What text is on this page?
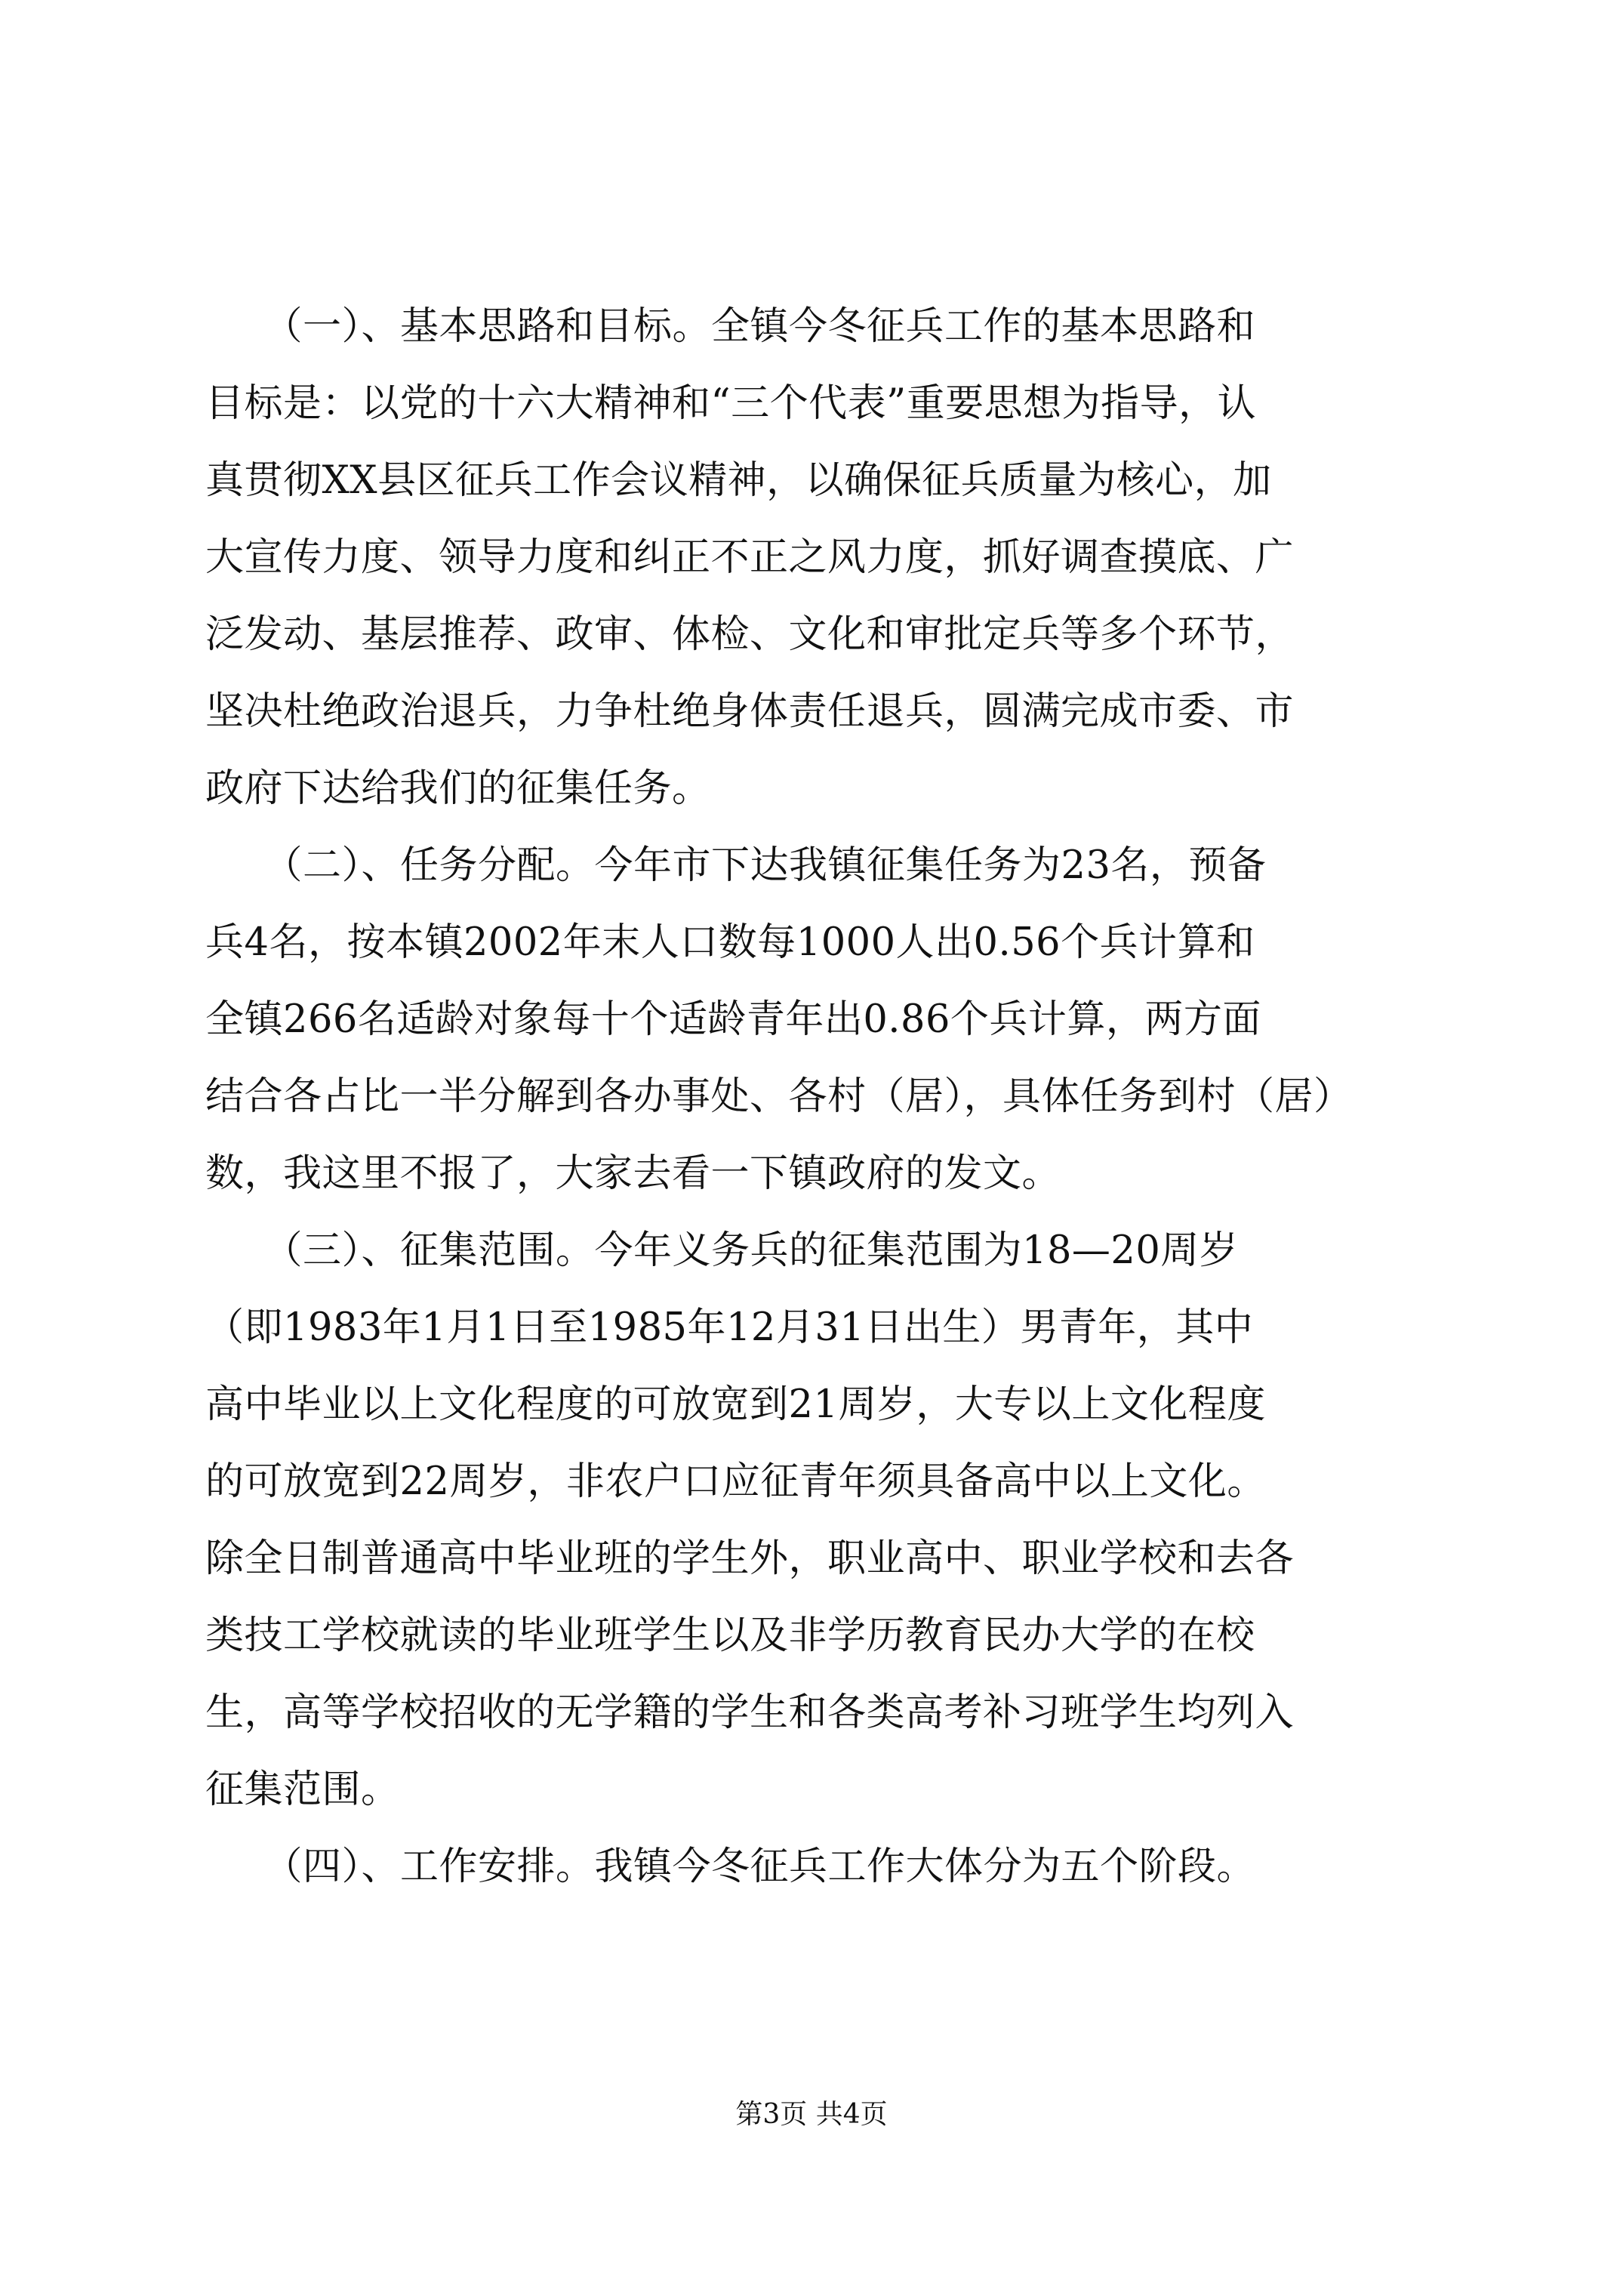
　　（一）、基本思路和目标。全镇今冬征兵工作的基本思路和
目标是：以党的十六大精神和“三个代表”重要思想为指导，认
真贯彻XX县区征兵工作会议精神，以确保征兵质量为核心，加
大宣传力度、领导力度和纠正不正之风力度，抓好调查摸底、广
泛发动、基层推荐、政审、体检、文化和审批定兵等多个环节，
坚决杜绝政治退兵，力争杜绝身体责任退兵，圆满完成市委、市
政府下达给我们的征集任务。
　　（二）、任务分配。今年市下达我镇征集任务为23名，预备
兵4名，按本镇2002年末人口数每1000人出0.56个兵计算和
全镇266名适龄对象每十个适龄青年出0.86个兵计算，两方面
结合各占比一半分解到各办事处、各村（居），具体任务到村（居）
数，我这里不报了，大家去看一下镇政府的发文。
　　（三）、征集范围。今年义务兵的征集范围为18—20周岁
（即1983年1月1日至1985年12月31日出生）男青年，其中
高中毕业以上文化程度的可放宽到21周岁，大专以上文化程度
的可放宽到22周岁，非农户口应征青年须具备高中以上文化。
除全日制普通高中毕业班的学生外，职业高中、职业学校和去各
类技工学校就读的毕业班学生以及非学历教育民办大学的在校
生，高等学校招收的无学籍的学生和各类高考补习班学生均列入
征集范围。
　　（四）、工作安排。我镇今冬征兵工作大体分为五个阶段。
第3页 共4页
